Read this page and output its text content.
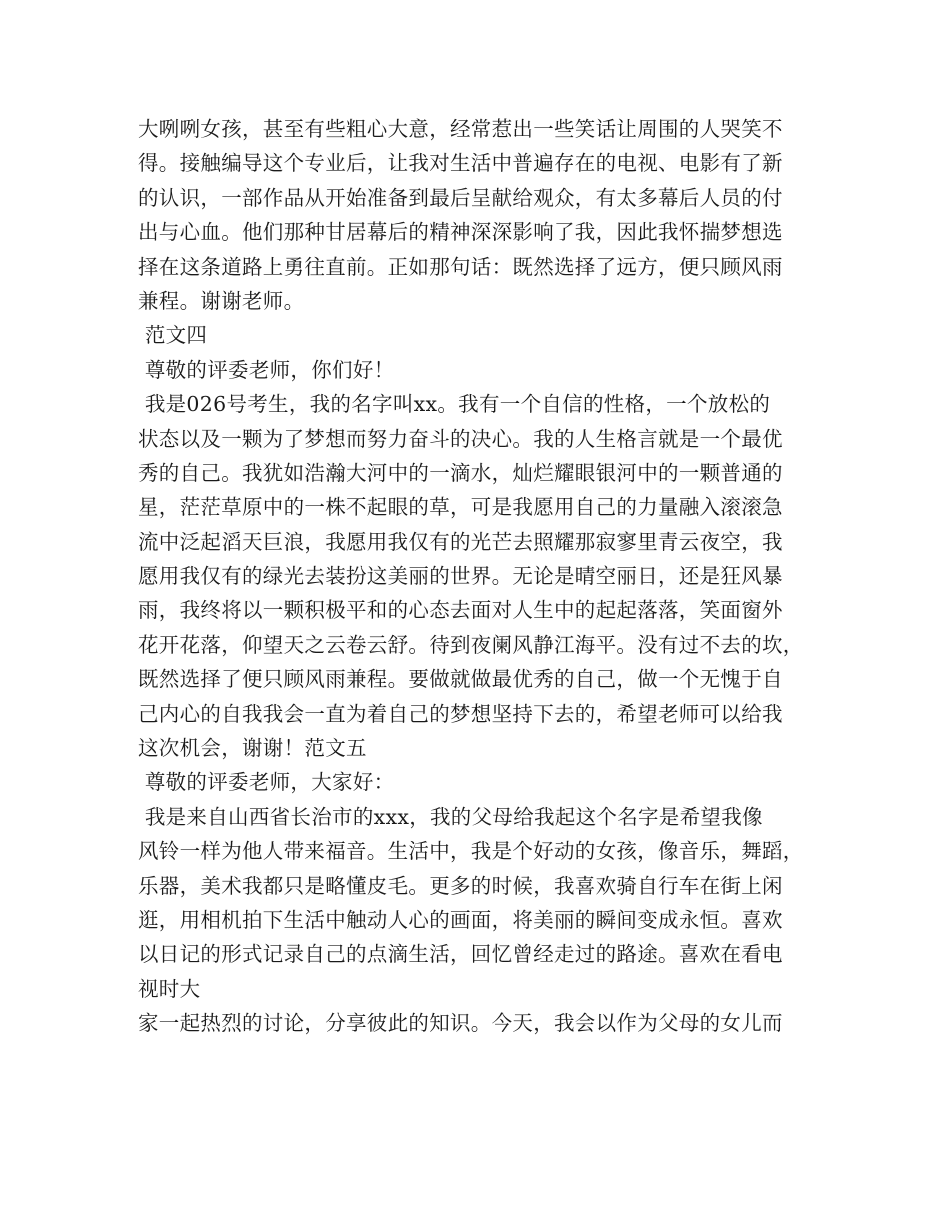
大咧咧女孩，甚至有些粗心大意，经常惹出一些笑话让周围的人哭笑不
得。接触编导这个专业后，让我对生活中普遍存在的电视、电影有了新
的认识，一部作品从开始准备到最后呈献给观众，有太多幕后人员的付
出与心血。他们那种甘居幕后的精神深深影响了我，因此我怀揣梦想选
择在这条道路上勇往直前。正如那句话：既然选择了远方，便只顾风雨
兼程。谢谢老师。
范文四
尊敬的评委老师，你们好！
我是026号考生，我的名字叫xx。我有一个自信的性格，一个放松的
状态以及一颗为了梦想而努力奋斗的决心。我的人生格言就是一个最优
秀的自己。我犹如浩瀚大河中的一滴水，灿烂耀眼银河中的一颗普通的
星，茫茫草原中的一株不起眼的草，可是我愿用自己的力量融入滚滚急
流中泛起滔天巨浪，我愿用我仅有的光芒去照耀那寂寥里青云夜空，我
愿用我仅有的绿光去装扮这美丽的世界。无论是晴空丽日，还是狂风暴
雨，我终将以一颗积极平和的心态去面对人生中的起起落落，笑面窗外
花开花落，仰望天之云卷云舒。待到夜阑风静江海平。没有过不去的坎，
既然选择了便只顾风雨兼程。要做就做最优秀的自己，做一个无愧于自
己内心的自我我会一直为着自己的梦想坚持下去的，希望老师可以给我
这次机会，谢谢！范文五
尊敬的评委老师，大家好：
我是来自山西省长治市的xxx，我的父母给我起这个名字是希望我像
风铃一样为他人带来福音。生活中，我是个好动的女孩，像音乐，舞蹈，
乐器，美术我都只是略懂皮毛。更多的时候，我喜欢骑自行车在街上闲
逛，用相机拍下生活中触动人心的画面，将美丽的瞬间变成永恒。喜欢
以日记的形式记录自己的点滴生活，回忆曾经走过的路途。喜欢在看电
视时大
家一起热烈的讨论，分享彼此的知识。今天，我会以作为父母的女儿而
